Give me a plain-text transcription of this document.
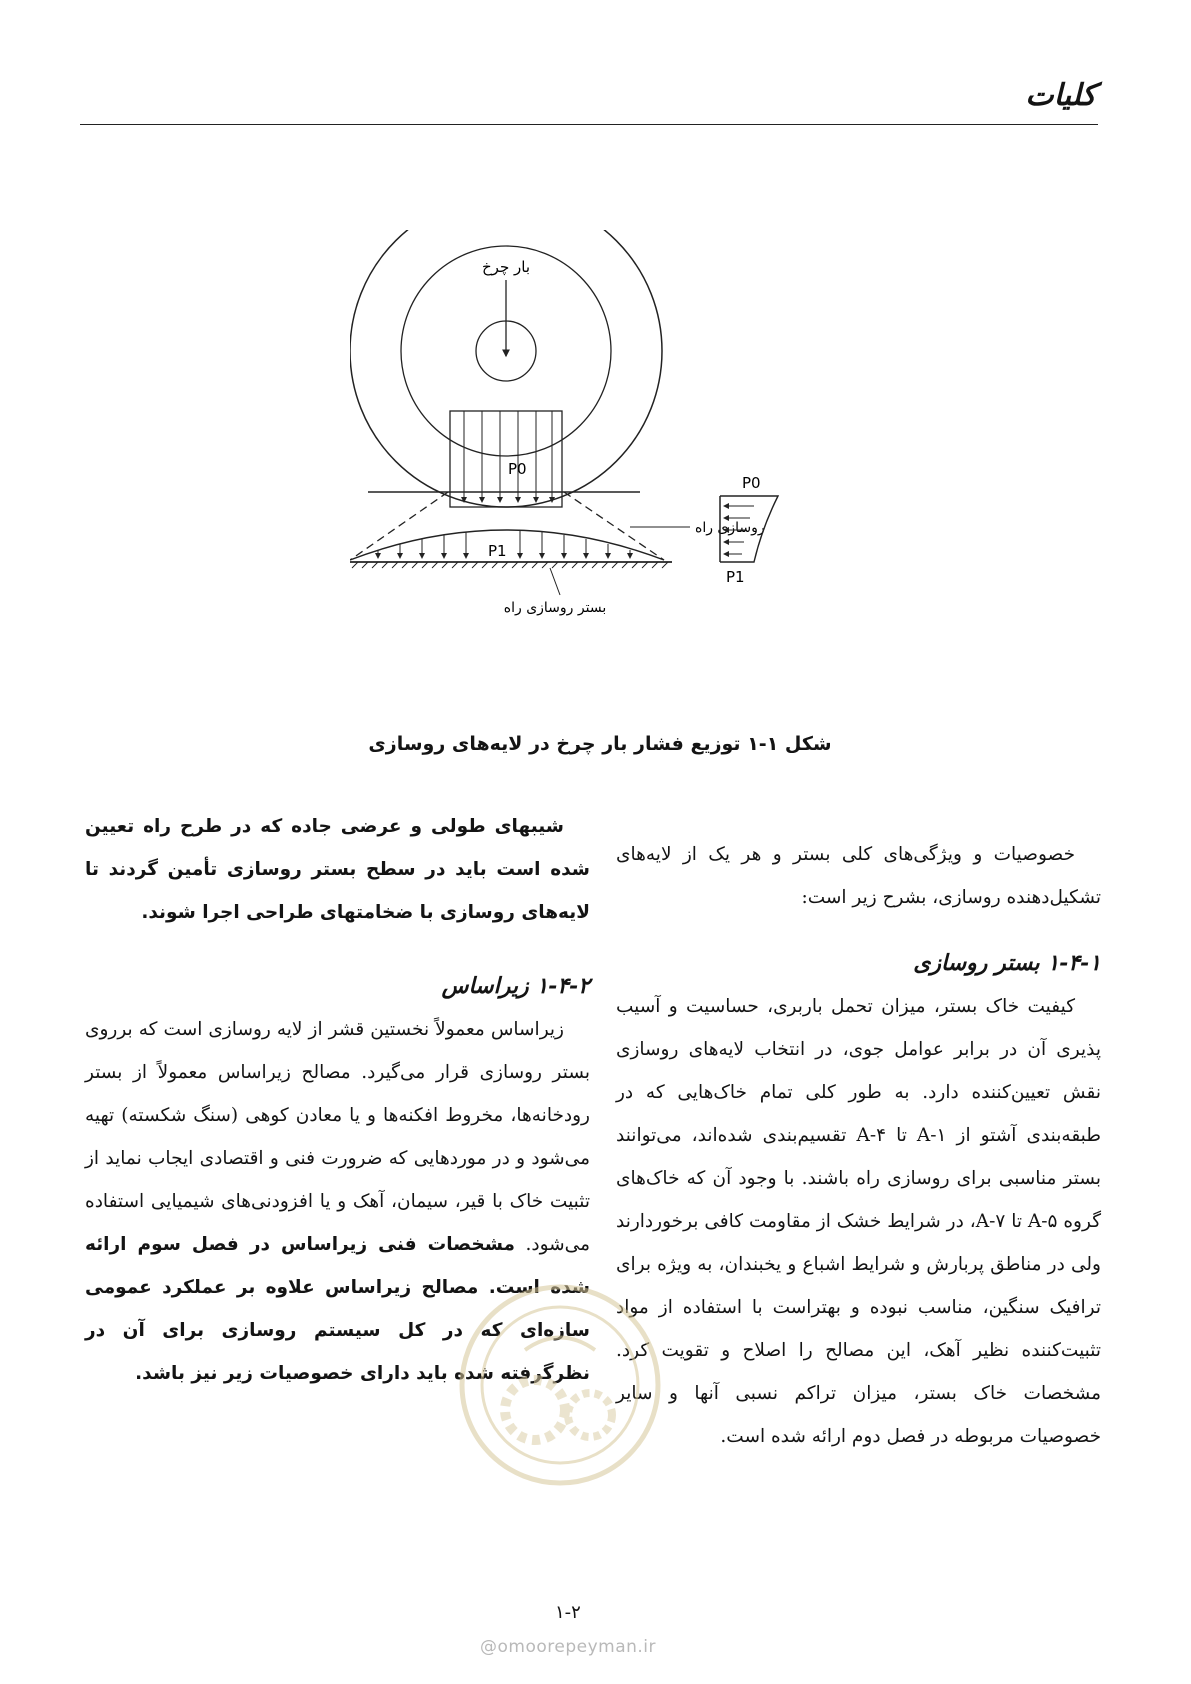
کلیات
بار چرخ
P0
روسازی راه
P1
بستر روسازی راه
P0
P1

شکل ۱-۱ توزیع فشار بار چرخ در لایه‌های روسازی

خصوصیات و ویژگی‌های کلی بستر و هر یک از لایه‌های تشکیل‌دهنده روسازی، بشرح زیر است:

۱-۴-۱ بستر روسازی

کیفیت خاک بستر، میزان تحمل باربری، حساسیت و آسیب پذیری آن در برابر عوامل جوی، در انتخاب لایه‌های روسازی نقش تعیین‌کننده دارد. به طور کلی تمام خاک‌هایی که در طبقه‌بندی آشتو از A-۱ تا A-۴ تقسیم‌بندی شده‌اند، می‌توانند بستر مناسبی برای روسازی راه باشند. با وجود آن که خاک‌های گروه A-۵ تا A-۷، در شرایط خشک از مقاومت کافی برخوردارند ولی در مناطق پربارش و شرایط اشباع و یخبندان، به ویژه برای ترافیک سنگین، مناسب نبوده و بهتراست با استفاده از مواد تثبیت‌کننده نظیر آهک، این مصالح را اصلاح و تقویت کرد. مشخصات خاک بستر، میزان تراکم نسبی آنها و سایر خصوصیات مربوطه در فصل دوم ارائه شده است.

شیبهای طولی و عرضی جاده که در طرح راه تعیین شده است باید در سطح بستر روسازی تأمین گردند تا لایه‌های روسازی با ضخامتهای طراحی اجرا شوند.

۱-۴-۲ زیراساس

زیراساس معمولاً نخستین قشر از لایه روسازی است که برروی بستر روسازی قرار می‌گیرد. مصالح زیراساس معمولاً از بستر رودخانه‌ها، مخروط افکنه‌ها و یا معادن کوهی (سنگ شکسته) تهیه می‌شود و در موردهایی که ضرورت فنی و اقتصادی ایجاب نماید از تثبیت خاک با قیر، سیمان، آهک و یا افزودنی‌های شیمیایی استفاده می‌شود. مشخصات فنی زیراساس در فصل سوم ارائه شده است. مصالح زیراساس علاوه بر عملکرد عمومی سازه‌ای که در کل سیستم روسازی برای آن در نظرگرفته شده باید دارای خصوصیات زیر نیز باشد.

۱-۲
@omoorepeyman.ir
